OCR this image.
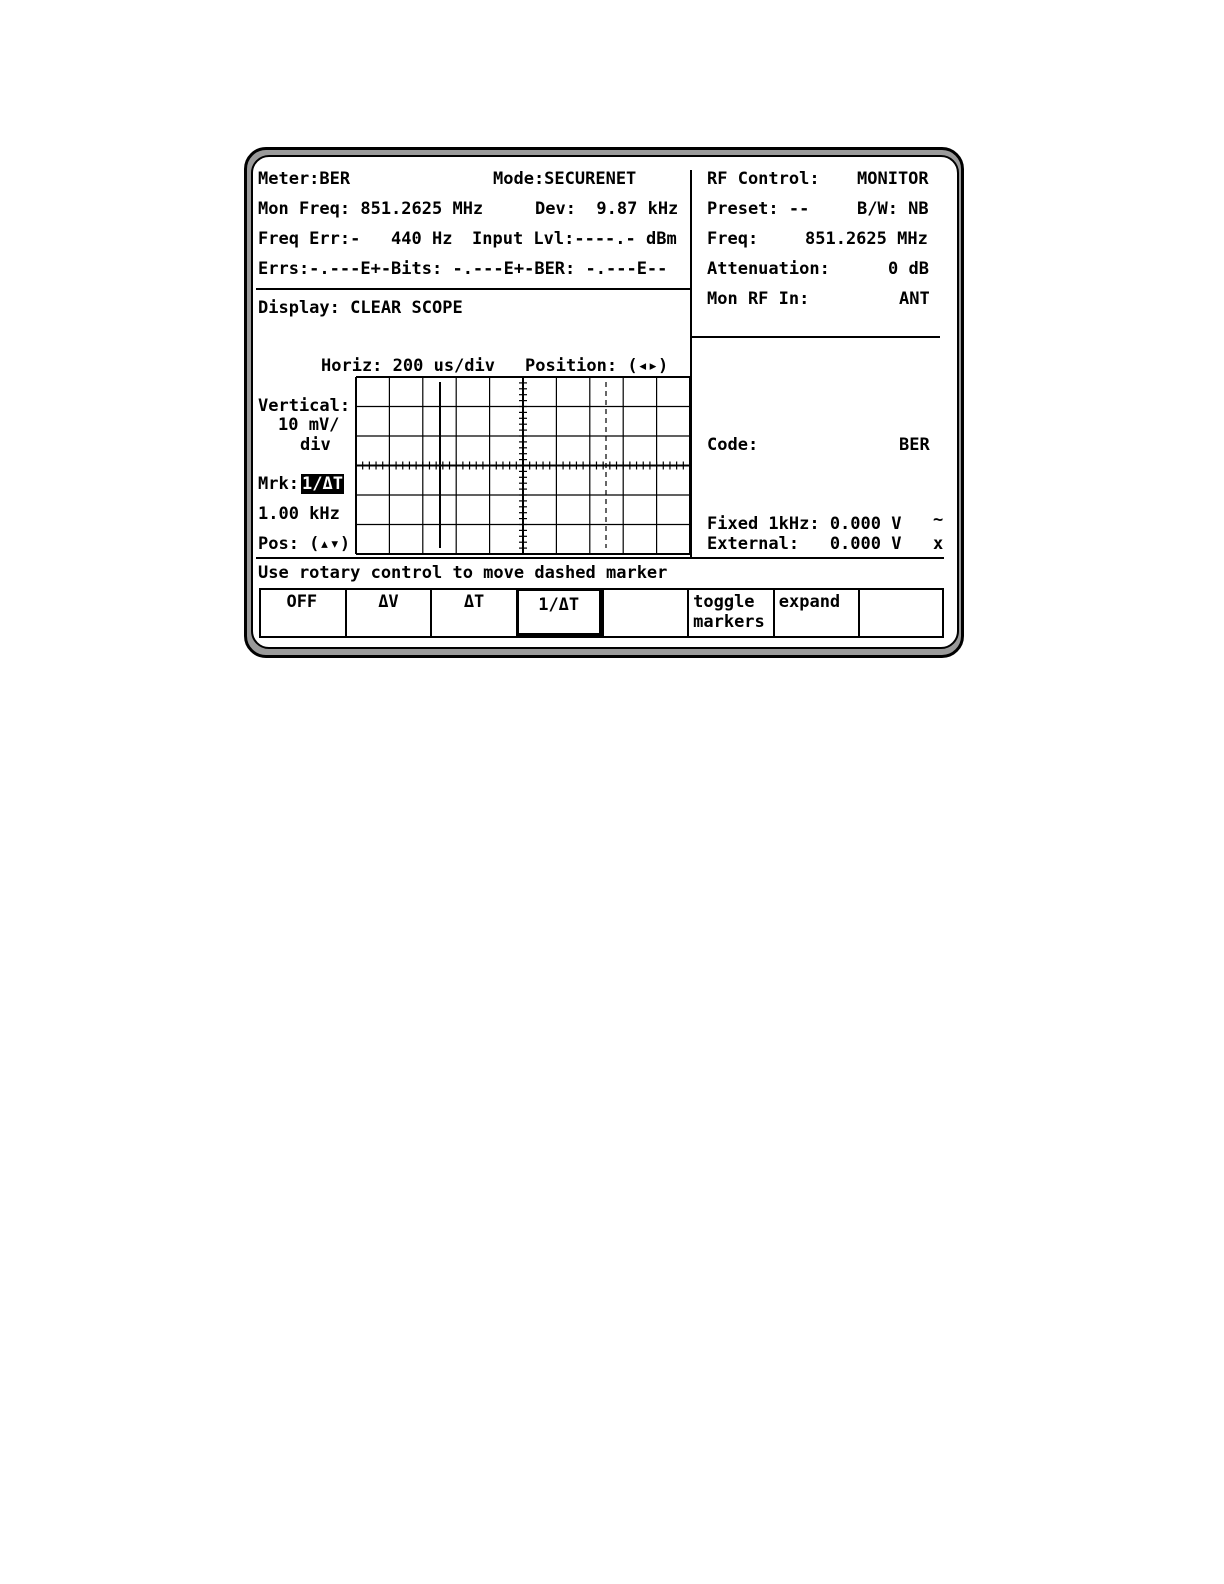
Meter:BER	Mode:SECURENET
Mon Freq: 851.2625 MHz	Dev:  9.87 kHz
Freq Err:-   440 Hz Input Lvl:----.- dBm
Errs:-.---E+-Bits: -.---E+-BER: -.---E--
Display: CLEAR SCOPE
Horiz: 200 us/div Position: (◂▸)
Vertical:
10 mV/
div
Mrk: 1/ΔT
1.00 kHz
Pos: (▴▾)
RF Control: MONITOR
Preset: --	B/W: NB
Freq:	851.2625 MHz
Attenuation:	0 dB
Mon RF In:	ANT
Code:	BER
Fixed 1kHz: 0.000 V ~
External:   0.000 V x
Use rotary control to move dashed marker
OFF	ΔV	ΔT	1/ΔT	toggle
markers
expand
